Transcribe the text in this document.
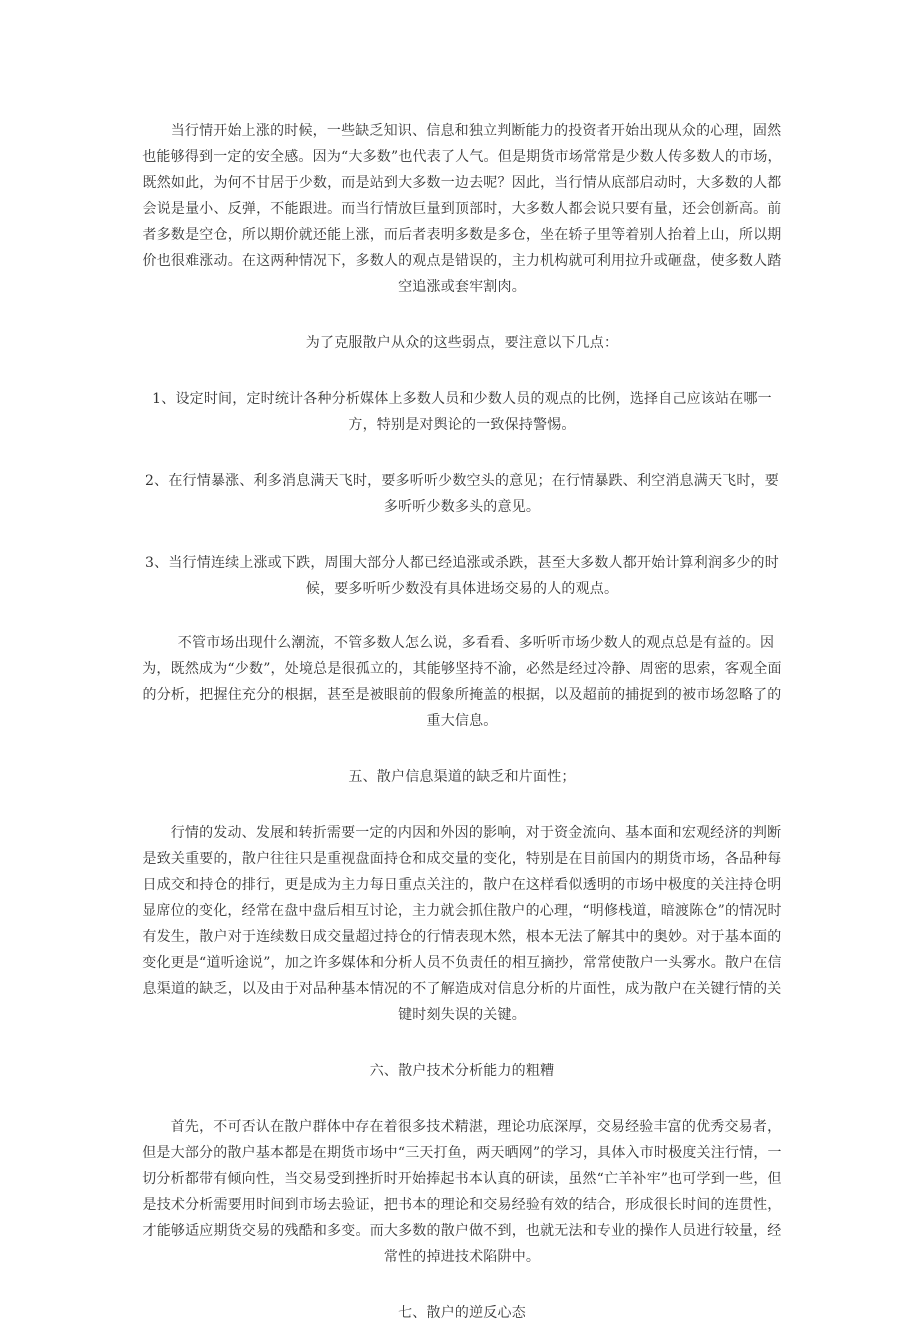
当行情开始上涨的时候，一些缺乏知识、信息和独立判断能力的投资者开始出现从众的心理，固然也能够得到一定的安全感。因为“大多数”也代表了人气。但是期货市场常常是少数人传多数人的市场，既然如此，为何不甘居于少数，而是站到大多数一边去呢？因此，当行情从底部启动时，大多数的人都会说是量小、反弹，不能跟进。而当行情放巨量到顶部时，大多数人都会说只要有量，还会创新高。前者多数是空仓，所以期价就还能上涨，而后者表明多数是多仓，坐在轿子里等着别人抬着上山，所以期价也很难涨动。在这两种情况下，多数人的观点是错误的，主力机构就可利用拉升或砸盘，使多数人踏空追涨或套牢割肉。

为了克服散户从众的这些弱点，要注意以下几点：

1、设定时间，定时统计各种分析媒体上多数人员和少数人员的观点的比例，选择自己应该站在哪一方，特别是对舆论的一致保持警惕。

2、在行情暴涨、利多消息满天飞时，要多听听少数空头的意见；在行情暴跌、利空消息满天飞时，要多听听少数多头的意见。

3、当行情连续上涨或下跌，周围大部分人都已经追涨或杀跌，甚至大多数人都开始计算利润多少的时候，要多听听少数没有具体进场交易的人的观点。

不管市场出现什么潮流，不管多数人怎么说，多看看、多听听市场少数人的观点总是有益的。因为，既然成为“少数”，处境总是很孤立的，其能够坚持不渝，必然是经过冷静、周密的思索，客观全面的分析，把握住充分的根据，甚至是被眼前的假象所掩盖的根据，以及超前的捕捉到的被市场忽略了的重大信息。

五、散户信息渠道的缺乏和片面性；

行情的发动、发展和转折需要一定的内因和外因的影响，对于资金流向、基本面和宏观经济的判断是致关重要的，散户往往只是重视盘面持仓和成交量的变化，特别是在目前国内的期货市场，各品种每日成交和持仓的排行，更是成为主力每日重点关注的，散户在这样看似透明的市场中极度的关注持仓明显席位的变化，经常在盘中盘后相互讨论，主力就会抓住散户的心理，“明修栈道，暗渡陈仓”的情况时有发生，散户对于连续数日成交量超过持仓的行情表现木然，根本无法了解其中的奥妙。对于基本面的变化更是“道听途说”，加之许多媒体和分析人员不负责任的相互摘抄，常常使散户一头雾水。散户在信息渠道的缺乏，以及由于对品种基本情况的不了解造成对信息分析的片面性，成为散户在关键行情的关键时刻失误的关键。

六、散户技术分析能力的粗糟

首先，不可否认在散户群体中存在着很多技术精湛，理论功底深厚，交易经验丰富的优秀交易者，但是大部分的散户基本都是在期货市场中“三天打鱼，两天晒网”的学习，具体入市时极度关注行情，一切分析都带有倾向性，当交易受到挫折时开始捧起书本认真的研读，虽然“亡羊补牢”也可学到一些，但是技术分析需要用时间到市场去验证，把书本的理论和交易经验有效的结合，形成很长时间的连贯性，才能够适应期货交易的残酷和多变。而大多数的散户做不到，也就无法和专业的操作人员进行较量，经常性的掉进技术陷阱中。

七、散户的逆反心态
